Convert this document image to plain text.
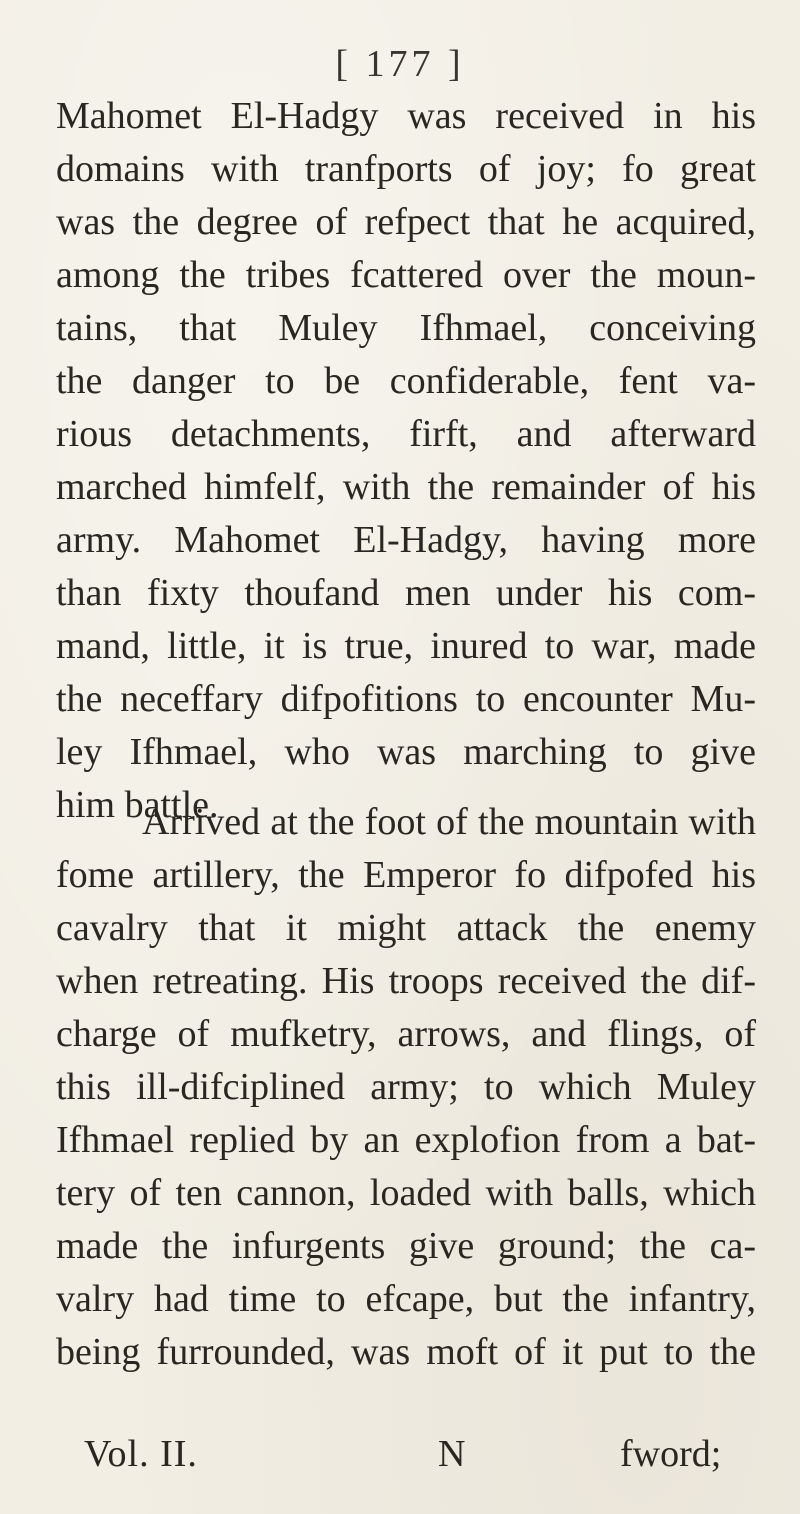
[ 177 ]
Mahomet El-Hadgy was received in his
domains with tranfports of joy; fo great
was the degree of refpect that he acquired,
among the tribes fcattered over the moun-
tains, that Muley Ifhmael, conceiving
the danger to be confiderable, fent va-
rious detachments, firft, and afterward
marched himfelf, with the remainder of his
army. Mahomet El-Hadgy, having more
than fixty thoufand men under his com-
mand, little, it is true, inured to war, made
the neceffary difpofitions to encounter Mu-
ley Ifhmael, who was marching to give
him battle.
Arrived at the foot of the mountain with
fome artillery, the Emperor fo difpofed his
cavalry that it might attack the enemy
when retreating. His troops received the dif-
charge of mufketry, arrows, and flings, of
this ill-difciplined army; to which Muley
Ifhmael replied by an explofion from a bat-
tery of ten cannon, loaded with balls, which
made the infurgents give ground; the ca-
valry had time to efcape, but the infantry,
being furrounded, was moft of it put to the
Vol. II.	N	fword;
